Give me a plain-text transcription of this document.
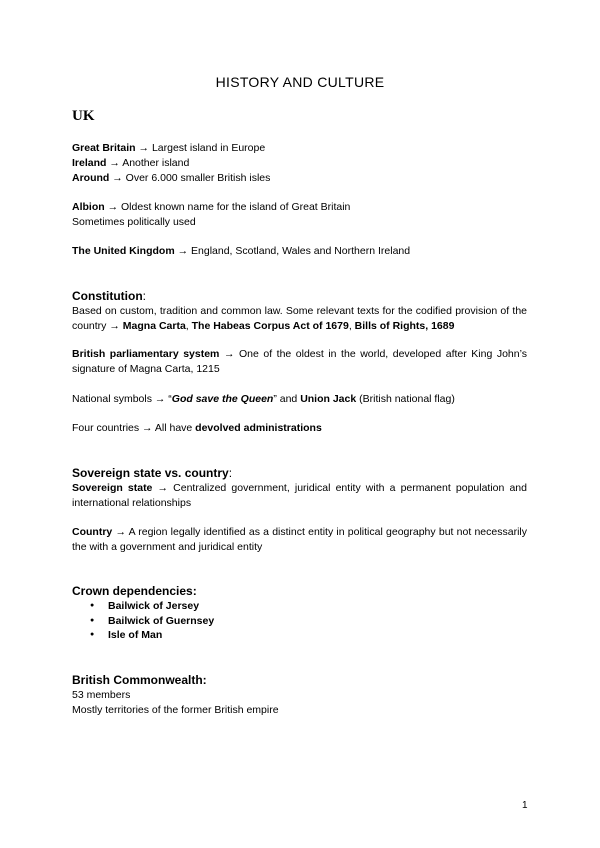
HISTORY AND CULTURE
UK
Great Britain → Largest island in Europe
Ireland → Another island
Around → Over 6.000 smaller British isles
Albion → Oldest known name for the island of Great Britain
Sometimes politically used
The United Kingdom → England, Scotland, Wales and Northern Ireland
Constitution:
Based on custom, tradition and common law. Some relevant texts for the codified provision of the country → Magna Carta, The Habeas Corpus Act of 1679, Bills of Rights, 1689
British parliamentary system → One of the oldest in the world, developed after King John’s signature of Magna Carta, 1215
National symbols → “God save the Queen” and Union Jack (British national flag)
Four countries → All have devolved administrations
Sovereign state vs. country:
Sovereign state → Centralized government, juridical entity with a permanent population and international relationships
Country → A region legally identified as a distinct entity in political geography but not necessarily the with a government and juridical entity
Crown dependencies:
● Bailwick of Jersey
● Bailwick of Guernsey
● Isle of Man
British Commonwealth:
53 members
Mostly territories of the former British empire
1
